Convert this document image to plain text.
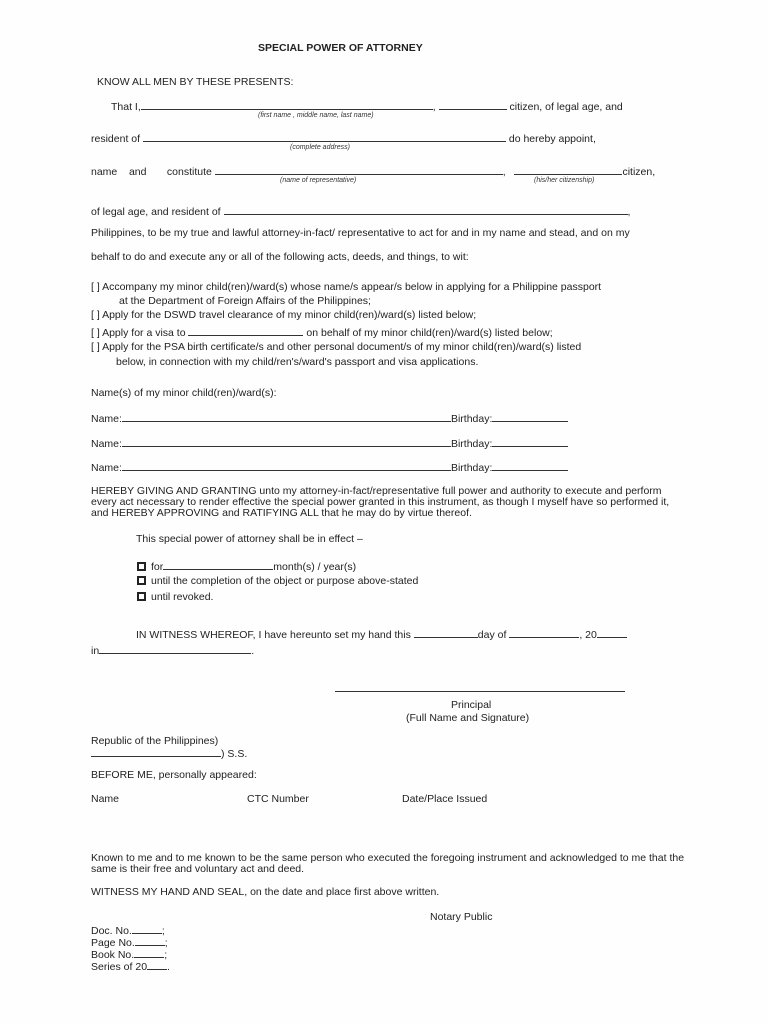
SPECIAL POWER OF ATTORNEY
KNOW ALL MEN BY THESE PRESENTS:
That I,	,	citizen, of legal age, and
(first name , middle name, last name)
resident of	do hereby appoint,
(complete address)
name and constitute	,	citizen,
(name of representative)	(his/her citizenship)
of legal age, and resident of	,
Philippines, to be my true and lawful attorney-in-fact/ representative to act for and in my name and stead, and on my
behalf to do and execute any or all of the following acts, deeds, and things, to wit:
[ ] Accompany my minor child(ren)/ward(s) whose name/s appear/s below in applying for a Philippine passport
at the Department of Foreign Affairs of the Philippines;
[ ] Apply for the DSWD travel clearance of my minor child(ren)/ward(s) listed below;
[ ] Apply for a visa to	on behalf of my minor child(ren)/ward(s) listed below;
[ ] Apply for the PSA birth certificate/s and other personal document/s of my minor child(ren)/ward(s) listed
below, in connection with my child/ren's/ward's passport and visa applications.
Name(s) of my minor child(ren)/ward(s):
Name:	Birthday:
Name:	Birthday:
Name:	Birthday:
HEREBY GIVING AND GRANTING unto my attorney-in-fact/representative full power and authority to execute and perform every act necessary to render effective the special power granted in this instrument, as though I myself have so performed it, and HEREBY APPROVING and RATIFYING ALL that he may do by virtue thereof.
This special power of attorney shall be in effect –
for	month(s) / year(s)
until the completion of the object or purpose above-stated
until revoked.
IN WITNESS WHEREOF, I have hereunto set my hand this	day of	, 20
in	.
Principal
(Full Name and Signature)
Republic of the Philippines)
) S.S.
BEFORE ME, personally appeared:
Name	CTC Number	Date/Place Issued
Known to me and to me known to be the same person who executed the foregoing instrument and acknowledged to me that the same is their free and voluntary act and deed.
WITNESS MY HAND AND SEAL, on the date and place first above written.
Notary Public
Doc. No.	;
Page No.	;
Book No.	;
Series of 20 .
